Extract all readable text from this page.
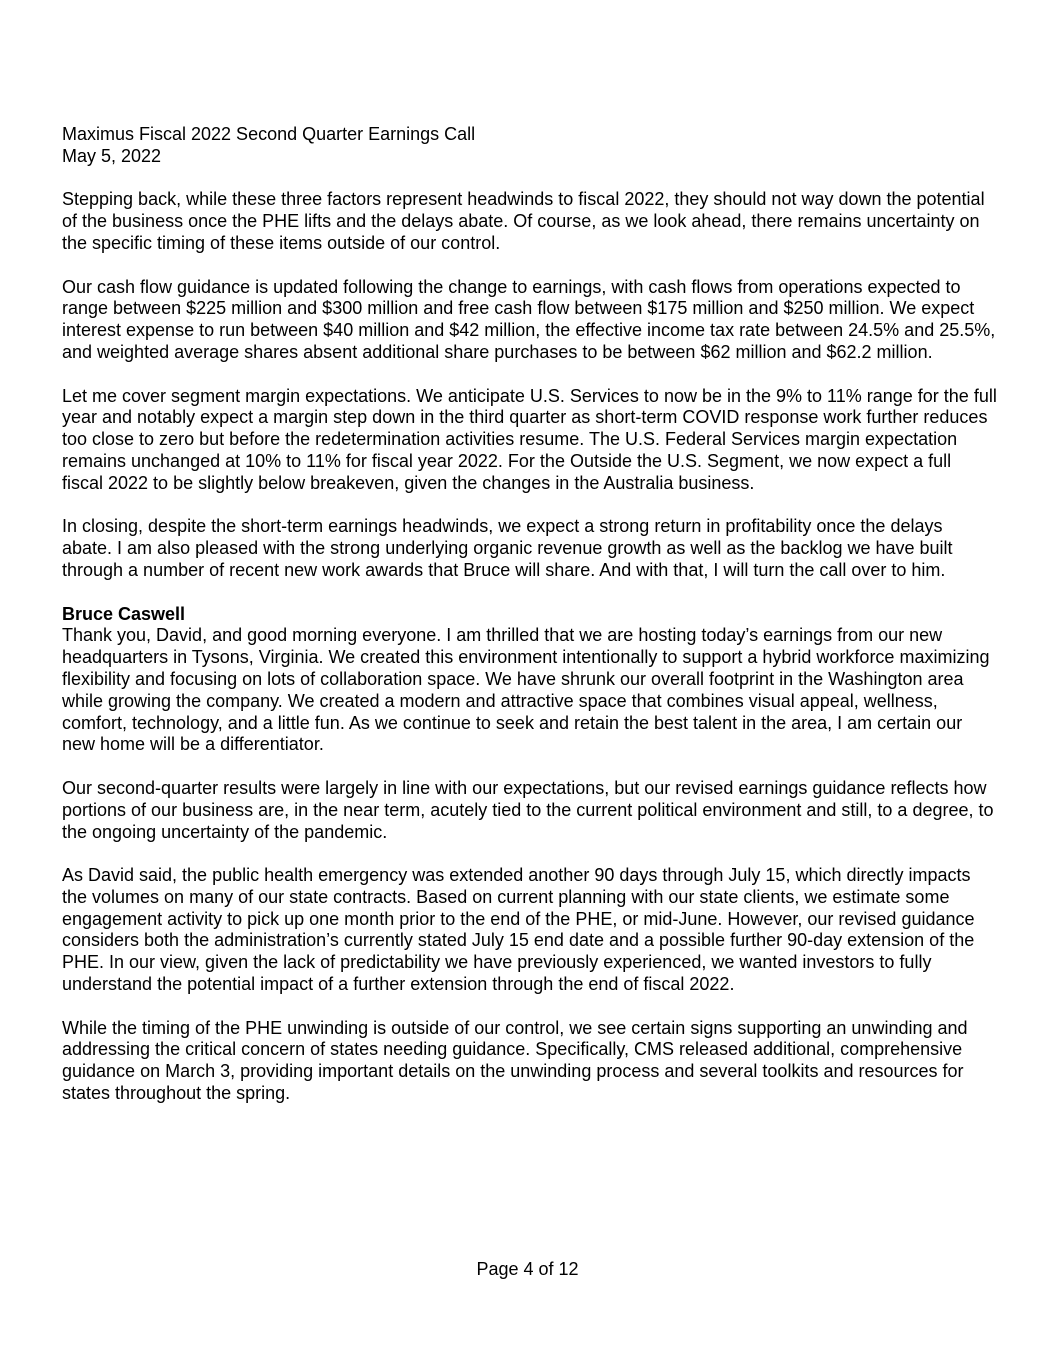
Maximus Fiscal 2022 Second Quarter Earnings Call
May 5, 2022

Stepping back, while these three factors represent headwinds to fiscal 2022, they should not way down the potential of the business once the PHE lifts and the delays abate. Of course, as we look ahead, there remains uncertainty on the specific timing of these items outside of our control.

Our cash flow guidance is updated following the change to earnings, with cash flows from operations expected to range between $225 million and $300 million and free cash flow between $175 million and $250 million. We expect interest expense to run between $40 million and $42 million, the effective income tax rate between 24.5% and 25.5%, and weighted average shares absent additional share purchases to be between $62 million and $62.2 million.

Let me cover segment margin expectations. We anticipate U.S. Services to now be in the 9% to 11% range for the full year and notably expect a margin step down in the third quarter as short-term COVID response work further reduces too close to zero but before the redetermination activities resume. The U.S. Federal Services margin expectation remains unchanged at 10% to 11% for fiscal year 2022. For the Outside the U.S. Segment, we now expect a full fiscal 2022 to be slightly below breakeven, given the changes in the Australia business.

In closing, despite the short-term earnings headwinds, we expect a strong return in profitability once the delays abate. I am also pleased with the strong underlying organic revenue growth as well as the backlog we have built through a number of recent new work awards that Bruce will share. And with that, I will turn the call over to him.

Bruce Caswell
Thank you, David, and good morning everyone. I am thrilled that we are hosting today’s earnings from our new headquarters in Tysons, Virginia. We created this environment intentionally to support a hybrid workforce maximizing flexibility and focusing on lots of collaboration space. We have shrunk our overall footprint in the Washington area while growing the company. We created a modern and attractive space that combines visual appeal, wellness, comfort, technology, and a little fun. As we continue to seek and retain the best talent in the area, I am certain our new home will be a differentiator.

Our second-quarter results were largely in line with our expectations, but our revised earnings guidance reflects how portions of our business are, in the near term, acutely tied to the current political environment and still, to a degree, to the ongoing uncertainty of the pandemic.

As David said, the public health emergency was extended another 90 days through July 15, which directly impacts the volumes on many of our state contracts. Based on current planning with our state clients, we estimate some engagement activity to pick up one month prior to the end of the PHE, or mid-June. However, our revised guidance considers both the administration’s currently stated July 15 end date and a possible further 90-day extension of the PHE. In our view, given the lack of predictability we have previously experienced, we wanted investors to fully understand the potential impact of a further extension through the end of fiscal 2022.

While the timing of the PHE unwinding is outside of our control, we see certain signs supporting an unwinding and addressing the critical concern of states needing guidance. Specifically, CMS released additional, comprehensive guidance on March 3, providing important details on the unwinding process and several toolkits and resources for states throughout the spring.

Page 4 of 12
